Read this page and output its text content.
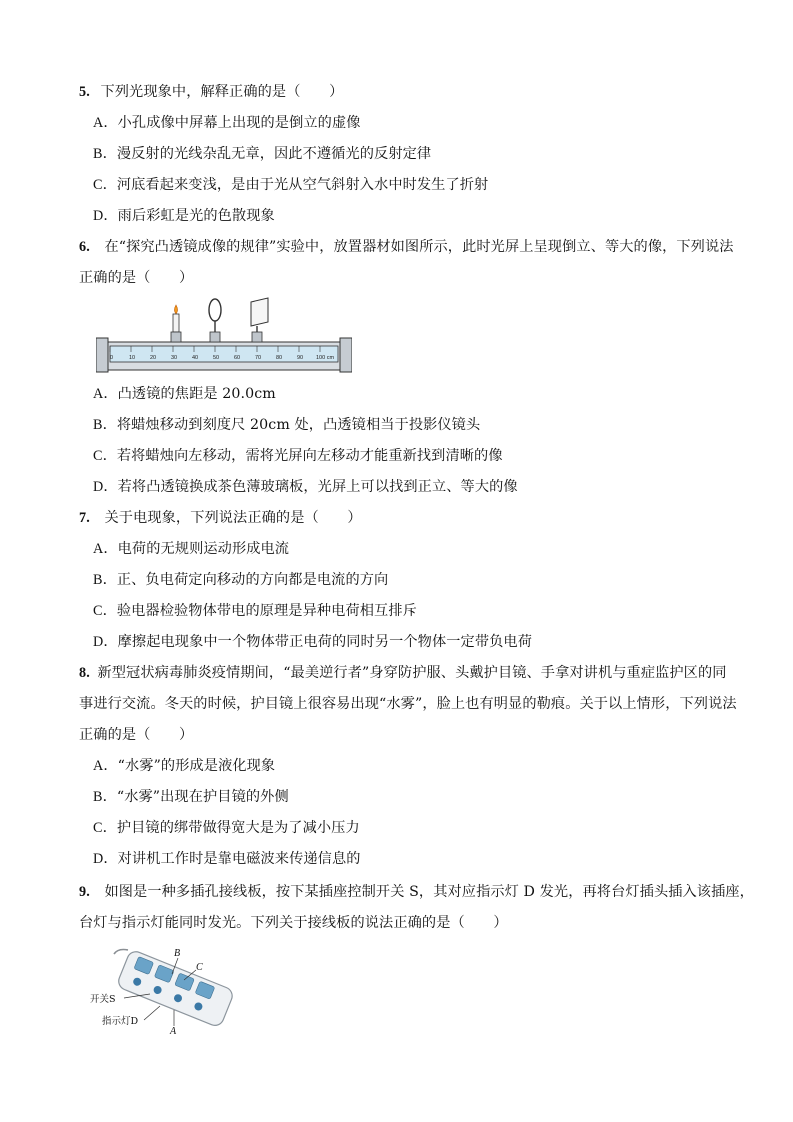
5. 下列光现象中，解释正确的是（　　）
A．小孔成像中屏幕上出现的是倒立的虚像
B．漫反射的光线杂乱无章，因此不遵循光的反射定律
C．河底看起来变浅，是由于光从空气斜射入水中时发生了折射
D．雨后彩虹是光的色散现象
6. 在“探究凸透镜成像的规律”实验中，放置器材如图所示，此时光屏上呈现倒立、等大的像，下列说法
正确的是（　　）
0	10	20	30	40	50	60	70	80	90 100 cm
A．凸透镜的焦距是 20.0cm
B．将蜡烛移动到刻度尺 20cm 处，凸透镜相当于投影仪镜头
C．若将蜡烛向左移动，需将光屏向左移动才能重新找到清晰的像
D．若将凸透镜换成茶色薄玻璃板，光屏上可以找到正立、等大的像
7. 关于电现象，下列说法正确的是（　　）
A．电荷的无规则运动形成电流
B．正、负电荷定向移动的方向都是电流的方向
C．验电器检验物体带电的原理是异种电荷相互排斥
D．摩擦起电现象中一个物体带正电荷的同时另一个物体一定带负电荷
8. 新型冠状病毒肺炎疫情期间，“最美逆行者”身穿防护服、头戴护目镜、手拿对讲机与重症监护区的同
事进行交流。冬天的时候，护目镜上很容易出现“水雾”，脸上也有明显的勒痕。关于以上情形，下列说法
正确的是（　　）
A．“水雾”的形成是液化现象
B．“水雾”出现在护目镜的外侧
C．护目镜的绑带做得宽大是为了减小压力
D．对讲机工作时是靠电磁波来传递信息的
9. 如图是一种多插孔接线板，按下某插座控制开关 S，其对应指示灯 D 发光，再将台灯插头插入该插座，
台灯与指示灯能同时发光。下列关于接线板的说法正确的是（　　）
B
C
A
开关S
指示灯D
